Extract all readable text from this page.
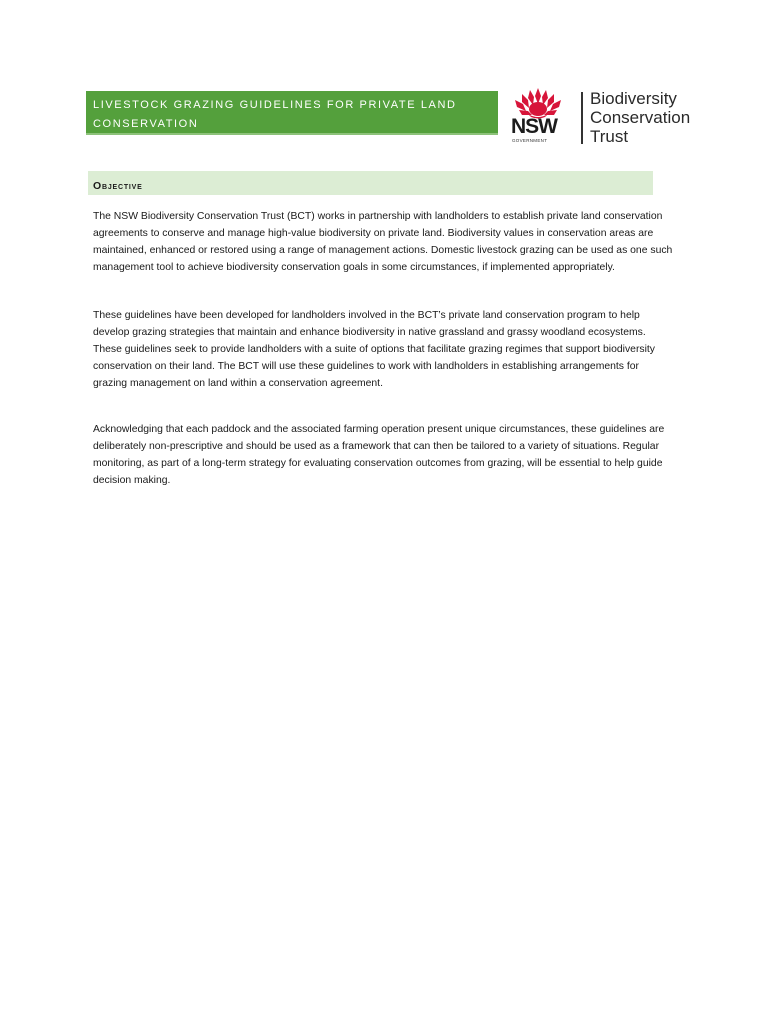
LIVESTOCK GRAZING GUIDELINES FOR PRIVATE LAND
CONSERVATION	NSW
GOVERNMENT
Biodiversity
Conservation
Trust
Objective

The NSW Biodiversity Conservation Trust (BCT) works in partnership with landholders to establish private land conservation agreements to conserve and manage high-value biodiversity on private land. Biodiversity values in conservation areas are maintained, enhanced or restored using a range of management actions. Domestic livestock grazing can be used as one such management tool to achieve biodiversity conservation goals in some circumstances, if implemented appropriately.

These guidelines have been developed for landholders involved in the BCT’s private land conservation program to help develop grazing strategies that maintain and enhance biodiversity in native grassland and grassy woodland ecosystems. These guidelines seek to provide landholders with a suite of options that facilitate grazing regimes that support biodiversity conservation on their land. The BCT will use these guidelines to work with landholders in establishing arrangements for grazing management on land within a conservation agreement.

Acknowledging that each paddock and the associated farming operation present unique circumstances, these guidelines are deliberately non-prescriptive and should be used as a framework that can then be tailored to a variety of situations. Regular monitoring, as part of a long-term strategy for evaluating conservation outcomes from grazing, will be essential to help guide decision making.
